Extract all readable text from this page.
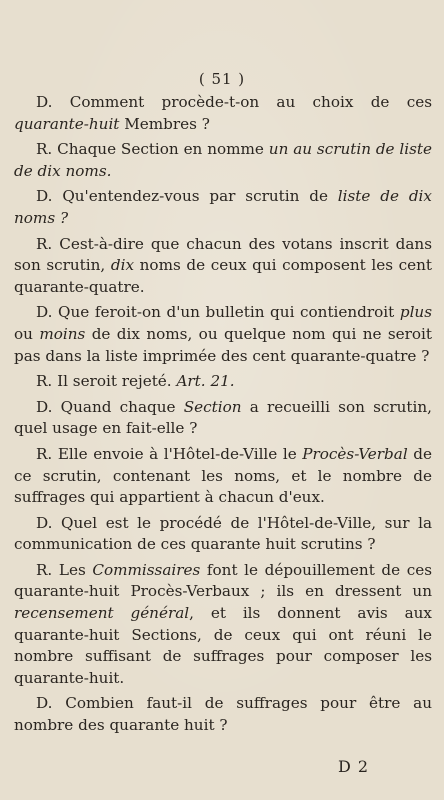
( 51 )

D. Comment procède-t-on au choix de ces quarante-huit Membres ?

R. Chaque Section en nomme un au scrutin de liste de dix noms.

D. Qu'entendez-vous par scrutin de liste de dix noms ?

R. Cest-à-dire que chacun des votans inscrit dans son scrutin, dix noms de ceux qui composent les cent quarante-quatre.

D. Que feroit-on d'un bulletin qui contiendroit plus ou moins de dix noms, ou quelque nom qui ne seroit pas dans la liste imprimée des cent quarante-quatre ?

R. Il seroit rejeté. Art. 21.

D. Quand chaque Section a recueilli son scrutin, quel usage en fait-elle ?

R. Elle envoie à l'Hôtel-de-Ville le Procès-Verbal de ce scrutin, contenant les noms, et le nombre de suffrages qui appartient à chacun d'eux.

D. Quel est le procédé de l'Hôtel-de-Ville, sur la communication de ces quarante huit scrutins ?

R. Les Commissaires font le dépouillement de ces quarante-huit Procès-Verbaux ; ils en dressent un recensement général, et ils donnent avis aux quarante-huit Sections, de ceux qui ont réuni le nombre suffisant de suffrages pour composer les quarante-huit.

D. Combien faut-il de suffrages pour être au nombre des quarante huit ?

D 2
